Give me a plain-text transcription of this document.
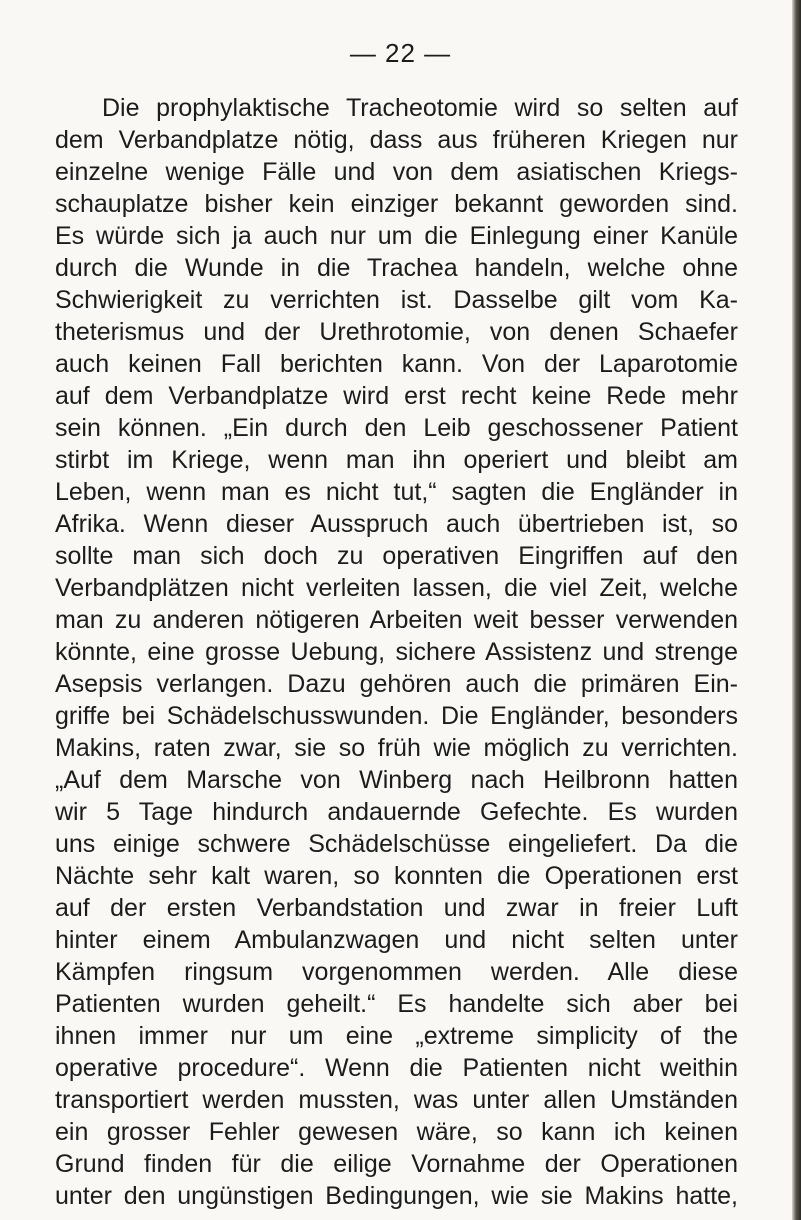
— 22 —
Die prophylaktische Tracheotomie wird so selten auf
dem Verbandplatze nötig, dass aus früheren Kriegen nur
einzelne wenige Fälle und von dem asiatischen Kriegs-
schauplatze bisher kein einziger bekannt geworden sind.
Es würde sich ja auch nur um die Einlegung einer Kanüle
durch die Wunde in die Trachea handeln, welche ohne
Schwierigkeit zu verrichten ist. Dasselbe gilt vom Ka-
theterismus und der Urethrotomie, von denen Schaefer
auch keinen Fall berichten kann. Von der Laparotomie
auf dem Verbandplatze wird erst recht keine Rede mehr
sein können. „Ein durch den Leib geschossener Patient
stirbt im Kriege, wenn man ihn operiert und bleibt am
Leben, wenn man es nicht tut,“ sagten die Engländer in
Afrika. Wenn dieser Ausspruch auch übertrieben ist, so
sollte man sich doch zu operativen Eingriffen auf den
Verbandplätzen nicht verleiten lassen, die viel Zeit, welche
man zu anderen nötigeren Arbeiten weit besser verwenden
könnte, eine grosse Uebung, sichere Assistenz und strenge
Asepsis verlangen. Dazu gehören auch die primären Ein-
griffe bei Schädelschusswunden. Die Engländer, besonders
Makins, raten zwar, sie so früh wie möglich zu verrichten.
„Auf dem Marsche von Winberg nach Heilbronn hatten
wir 5 Tage hindurch andauernde Gefechte. Es wurden
uns einige schwere Schädelschüsse eingeliefert. Da die
Nächte sehr kalt waren, so konnten die Operationen erst
auf der ersten Verbandstation und zwar in freier Luft
hinter einem Ambulanzwagen und nicht selten unter
Kämpfen ringsum vorgenommen werden. Alle diese
Patienten wurden geheilt.“ Es handelte sich aber bei
ihnen immer nur um eine „extreme simplicity of the
operative procedure“. Wenn die Patienten nicht weithin
transportiert werden mussten, was unter allen Umständen
ein grosser Fehler gewesen wäre, so kann ich keinen
Grund finden für die eilige Vornahme der Operationen
unter den ungünstigen Bedingungen, wie sie Makins hatte,
